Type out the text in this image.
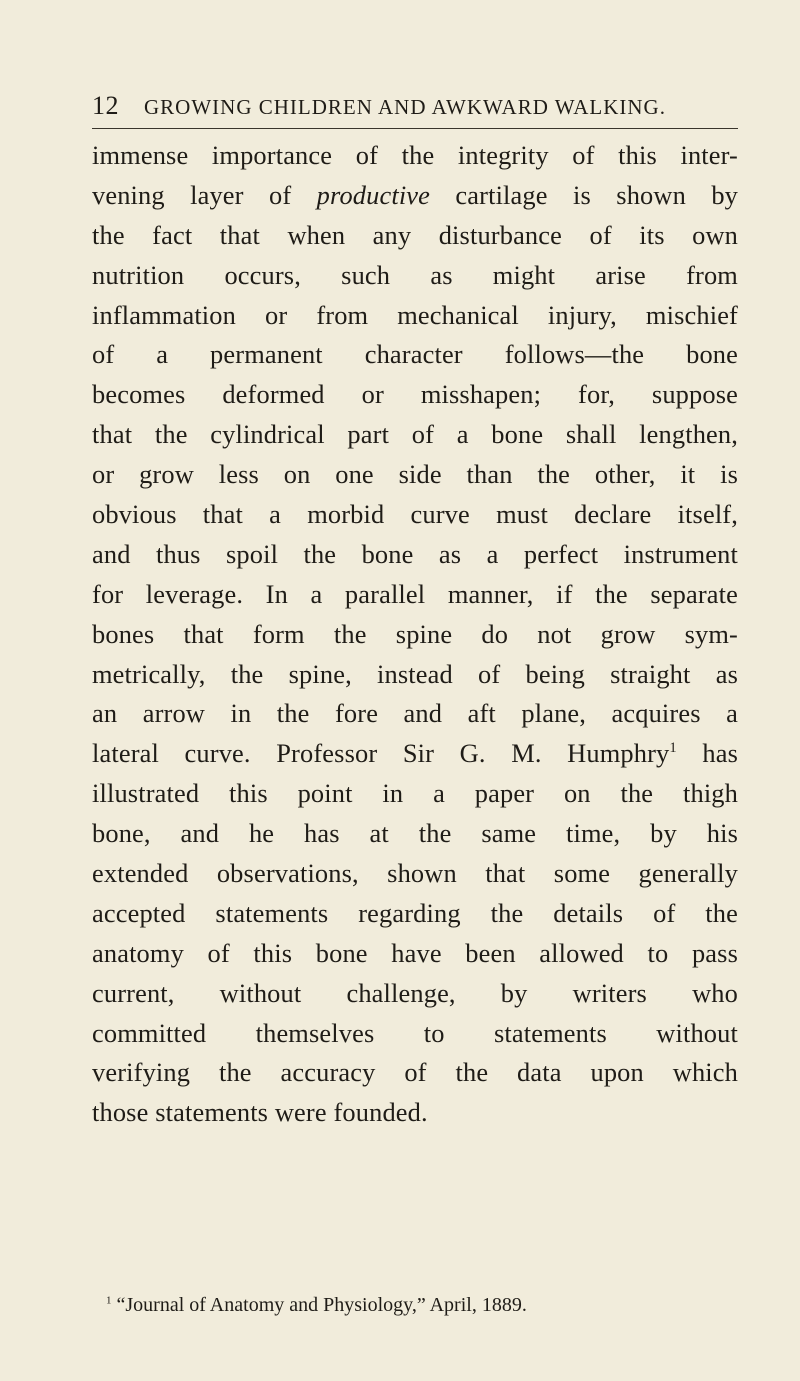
12 GROWING CHILDREN AND AWKWARD WALKING.
immense importance of the integrity of this inter-
vening layer of productive cartilage is shown by
the fact that when any disturbance of its own
nutrition occurs, such as might arise from
inflammation or from mechanical injury, mischief
of a permanent character follows—the bone
becomes deformed or misshapen; for, suppose
that the cylindrical part of a bone shall lengthen,
or grow less on one side than the other, it is
obvious that a morbid curve must declare itself,
and thus spoil the bone as a perfect instrument
for leverage. In a parallel manner, if the separate
bones that form the spine do not grow sym-
metrically, the spine, instead of being straight as
an arrow in the fore and aft plane, acquires a
lateral curve. Professor Sir G. M. Humphry$^1$ has
illustrated this point in a paper on the thigh
bone, and he has at the same time, by his
extended observations, shown that some generally
accepted statements regarding the details of the
anatomy of this bone have been allowed to pass
current, without challenge, by writers who
committed themselves to statements without
verifying the accuracy of the data upon which
those statements were founded.
$^1$ “Journal of Anatomy and Physiology,” April, 1889.
